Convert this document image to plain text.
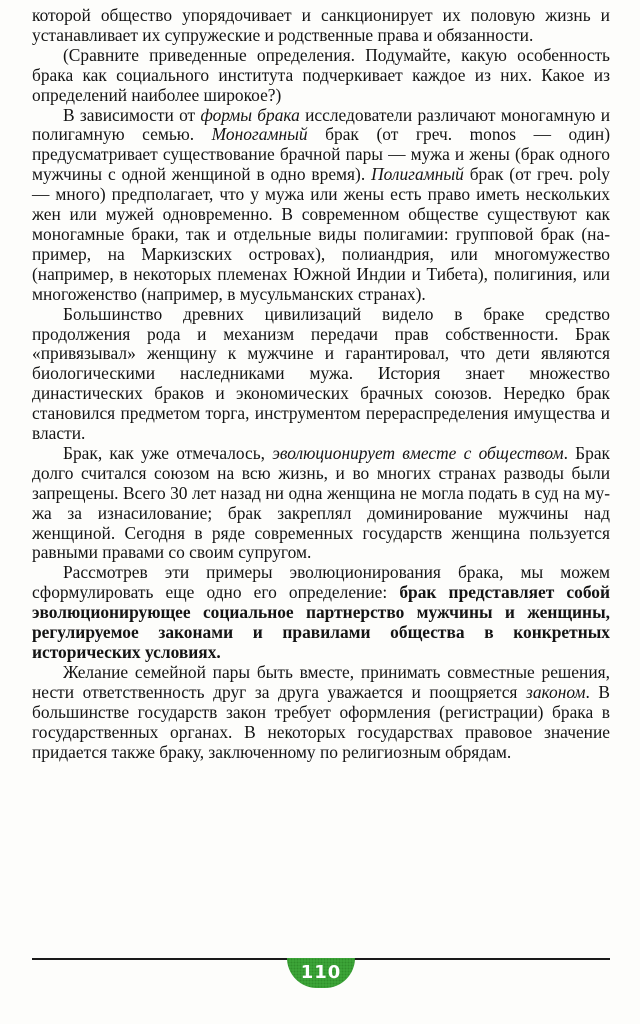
которой общество упорядочивает и санкционирует их половую жизнь и устанавливает их супружеские и родственные права и обязанности.

(Сравните приведенные определения. Подумайте, какую особенность брака как социального института подчеркивает каждое из них. Какое из определений наиболее широкое?)

В зависимости от формы брака исследователи различают моногамную и полигамную семью. Моногамный брак (от греч. monos — один) предусматривает существование брачной пары — мужа и жены (брак одного мужчины с одной женщиной в одно время). Полигамный брак (от греч. poly — много) предполагает, что у мужа или жены есть право иметь нескольких жен или мужей одновременно. В современном обществе существуют как моногамные браки, так и отдельные виды полигамии: групповой брак (например, на Маркизских островах), полиандрия, или многомужество (например, в некоторых племенах Южной Индии и Тибета), полигиния, или многоженство (например, в мусульманских странах).

Большинство древних цивилизаций видело в браке средство продолжения рода и механизм передачи прав собственности. Брак «привязывал» женщину к мужчине и гарантировал, что дети являются биологическими наследниками мужа. История знает множество династических браков и экономических брачных союзов. Нередко брак становился предметом торга, инструментом перераспределения имущества и власти.

Брак, как уже отмечалось, эволюционирует вместе с обществом. Брак долго считался союзом на всю жизнь, и во многих странах разводы были запрещены. Всего 30 лет назад ни одна женщина не могла подать в суд на мужа за изнасилование; брак закреплял доминирование мужчины над женщиной. Сегодня в ряде современных государств женщина пользуется равными правами со своим супругом.

Рассмотрев эти примеры эволюционирования брака, мы можем сформулировать еще одно его определение: брак представляет собой эволюционирующее социальное партнерство мужчины и женщины, регулируемое законами и правилами общества в конкретных исторических условиях.

Желание семейной пары быть вместе, принимать совместные решения, нести ответственность друг за друга уважается и поощряется законом. В большинстве государств закон требует оформления (регистрации) брака в государственных органах. В некоторых государствах правовое значение придается также браку, заключенному по религиозным обрядам.

110
